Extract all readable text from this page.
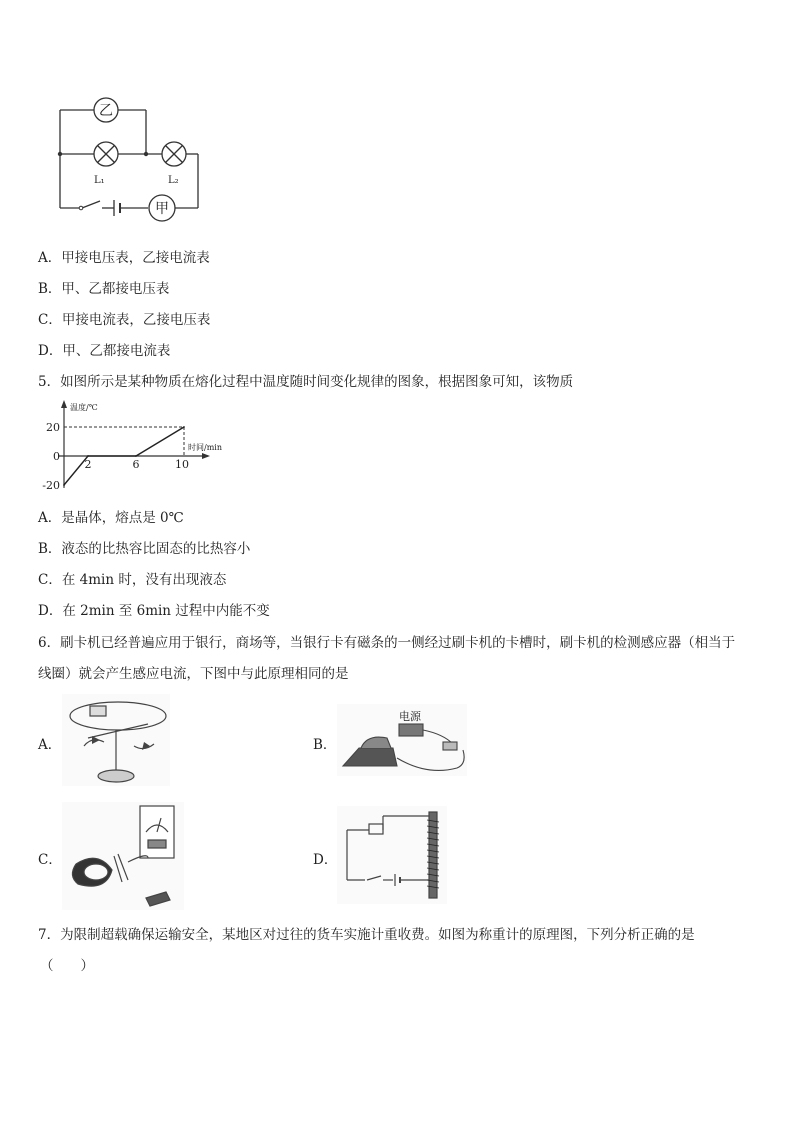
乙
甲
L₁	L₂
A．甲接电压表，乙接电流表
B．甲、乙都接电压表
C．甲接电流表，乙接电压表
D．甲、乙都接电流表
5．如图所示是某种物质在熔化过程中温度随时间变化规律的图象，根据图象可知，该物质
温度/℃
时间/min
20
0
-20
2	6	10
A．是晶体，熔点是 0℃
B．液态的比热容比固态的比热容小
C．在 4min 时，没有出现液态
D．在 2min 至 6min 过程中内能不变
6．刷卡机已经普遍应用于银行，商场等，当银行卡有磁条的一侧经过刷卡机的卡槽时，刷卡机的检测感应器（相当于
线圈）就会产生感应电流，下图中与此原理相同的是
A．	B．
电源
C．	D．
7．为限制超载确保运输安全，某地区对过往的货车实施计重收费。如图为称重计的原理图，下列分析正确的是
（　　）
